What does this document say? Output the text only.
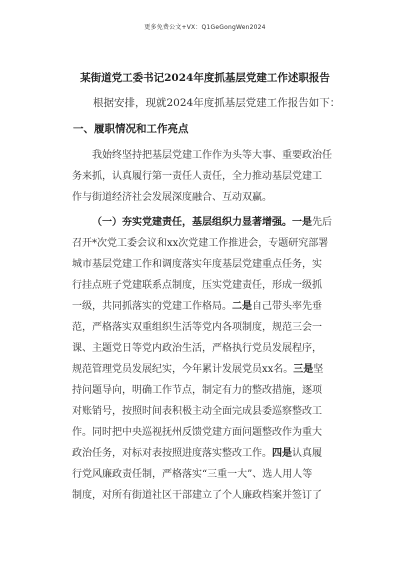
更多免费公文+VX：Q1GeGongWen2024
某街道党工委书记2024年度抓基层党建工作述职报告
根据安排，现就2024年度抓基层党建工作报告如下：
一、履职情况和工作亮点
我始终坚持把基层党建工作作为头等大事、重要政治任
务来抓，认真履行第一责任人责任，全力推动基层党建工
作与街道经济社会发展深度融合、互动双赢。
（一）夯实党建责任，基层组织力显著增强。一是先后
召开*次党工委会议和xx次党建工作推进会，专题研究部署
城市基层党建工作和调度落实年度基层党建重点任务，实
行挂点班子党建联系点制度，压实党建责任，形成一级抓
一级，共同抓落实的党建工作格局。二是自己带头率先垂
范，严格落实双重组织生活等党内各项制度，规范三会一
课、主题党日等党内政治生活，严格执行党员发展程序，
规范管理党员发展纪实，今年累计发展党员xx名。三是坚
持问题导向，明确工作节点，制定有力的整改措施，逐项
对账销号，按照时间表积极主动全面完成县委巡察整改工
作。同时把中央巡视抚州反馈党建方面问题整改作为重大
政治任务，对标对表按照进度落实整改工作。四是认真履
行党风廉政责任制，严格落实“三重一大”、选人用人等
制度，对所有街道社区干部建立了个人廉政档案并签订了
